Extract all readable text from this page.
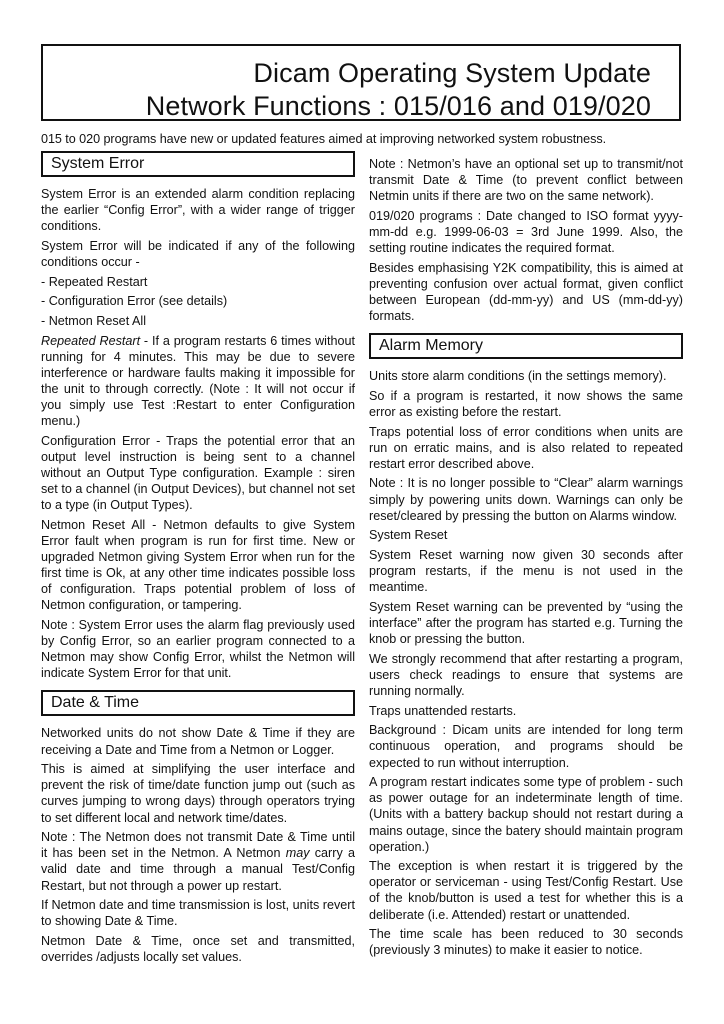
Dicam Operating System Update
Network Functions : 015/016 and 019/020
015 to 020 programs have new or updated features aimed at improving networked system robustness.
System Error

System Error is an extended alarm condition replacing the earlier “Config Error”, with a wider range of trigger conditions.

System Error will be indicated if any of the following conditions occur -

- Repeated Restart

- Configuration Error (see details)

- Netmon Reset All

Repeated Restart - If a program restarts 6 times without running for 4 minutes. This may be due to severe interference or hardware faults making it impossible for the unit to through correctly. (Note : It will not occur if you simply use Test :Restart to enter Configuration menu.)

Configuration Error - Traps the potential error that an output level instruction is being sent to a channel without an Output Type configuration. Example : siren set to a channel (in Output Devices), but channel not set to a type (in Output Types).

Netmon Reset All - Netmon defaults to give System Error fault when program is run for first time. New or upgraded Netmon giving System Error when run for the first time is Ok, at any other time indicates possible loss of configuration. Traps potential problem of loss of Netmon configuration, or tampering.

Note : System Error uses the alarm flag previously used by Config Error, so an earlier program connected to a Netmon may show Config Error, whilst the Netmon will indicate System Error for that unit.

Date & Time

Networked units do not show Date & Time if they are receiving a Date and Time from a Netmon or Logger.

This is aimed at simplifying the user interface and prevent the risk of time/date function jump out (such as curves jumping to wrong days) through operators trying to set different local and network time/dates.

Note : The Netmon does not transmit Date & Time until it has been set in the Netmon. A Netmon may carry a valid date and time through a manual Test/Config Restart, but not through a power up restart.

If Netmon date and time transmission is lost, units revert to showing Date & Time.

Netmon Date & Time, once set and transmitted, overrides /adjusts locally set values.

Note : Netmon’s have an optional set up to transmit/not transmit Date & Time (to prevent conflict between Netmin units if there are two on the same network).

019/020 programs : Date changed to ISO format yyyy-mm-dd e.g. 1999-06-03 = 3rd June 1999. Also, the setting routine indicates the required format.

Besides emphasising Y2K compatibility, this is aimed at preventing confusion over actual format, given conflict between European (dd-mm-yy) and US (mm-dd-yy) formats.

Alarm Memory

Units store alarm conditions (in the settings memory).

So if a program is restarted, it now shows the same error as existing before the restart.

Traps potential loss of error conditions when units are run on erratic mains, and is also related to repeated restart error described above.

Note : It is no longer possible to “Clear” alarm warnings simply by powering units down. Warnings can only be reset/cleared by pressing the button on Alarms window.

System Reset

System Reset warning now given 30 seconds after program restarts, if the menu is not used in the meantime.

System Reset warning can be prevented by “using the interface” after the program has started e.g. Turning the knob or pressing the button.

We strongly recommend that after restarting a program, users check readings to ensure that systems are running normally.

Traps unattended restarts.

Background : Dicam units are intended for long term continuous operation, and programs should be expected to run without interruption.

A program restart indicates some type of problem - such as power outage for an indeterminate length of time. (Units with a battery backup should not restart during a mains outage, since the batery should maintain program operation.)

The exception is when restart it is triggered by the operator or serviceman - using Test/Config Restart. Use of the knob/button is used a test for whether this is a deliberate (i.e. Attended) restart or unattended.

The time scale has been reduced to 30 seconds (previously 3 minutes) to make it easier to notice.
